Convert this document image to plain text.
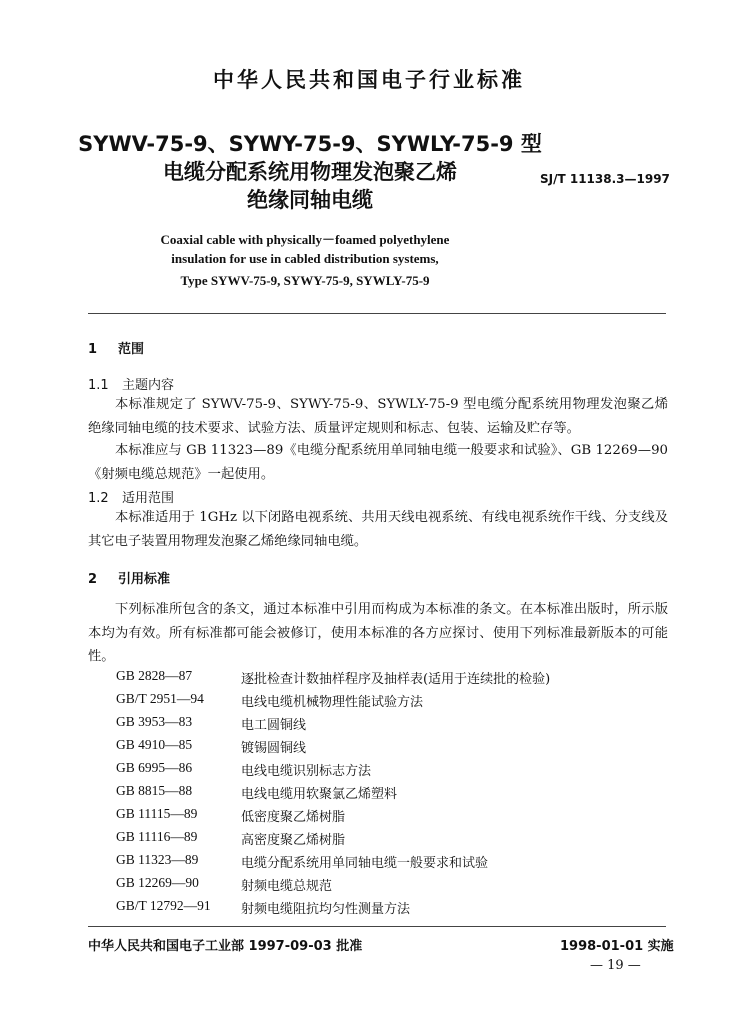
中华人民共和国电子行业标准
SYWV-75-9、SYWY-75-9、SYWLY-75-9 型
电缆分配系统用物理发泡聚乙烯
绝缘同轴电缆
SJ/T 11138.3—1997
Coaxial cable with physically－foamed polyethylene
insulation for use in cabled distribution systems,
Type SYWV-75-9, SYWY-75-9, SYWLY-75-9
1 范围
1.1 主题内容
本标准规定了 SYWV-75-9、SYWY-75-9、SYWLY-75-9 型电缆分配系统用物理发泡聚乙烯绝缘同轴电缆的技术要求、试验方法、质量评定规则和标志、包装、运输及贮存等。
本标准应与 GB 11323—89《电缆分配系统用单同轴电缆一般要求和试验》、GB 12269—90《射频电缆总规范》一起使用。
1.2 适用范围
本标准适用于 1GHz 以下闭路电视系统、共用天线电视系统、有线电视系统作干线、分支线及其它电子装置用物理发泡聚乙烯绝缘同轴电缆。
2 引用标准
下列标准所包含的条文，通过本标准中引用而构成为本标准的条文。在本标准出版时，所示版本均为有效。所有标准都可能会被修订，使用本标准的各方应探讨、使用下列标准最新版本的可能性。
GB 2828—87	逐批检查计数抽样程序及抽样表(适用于连续批的检验)
GB/T 2951—94	电线电缆机械物理性能试验方法
GB 3953—83	电工圆铜线
GB 4910—85	镀锡圆铜线
GB 6995—86	电线电缆识别标志方法
GB 8815—88	电线电缆用软聚氯乙烯塑料
GB 11115—89	低密度聚乙烯树脂
GB 11116—89	高密度聚乙烯树脂
GB 11323—89	电缆分配系统用单同轴电缆一般要求和试验
GB 12269—90	射频电缆总规范
GB/T 12792—91 射频电缆阻抗均匀性测量方法
中华人民共和国电子工业部 1997-09-03 批准	1998-01-01 实施
— 19 —
